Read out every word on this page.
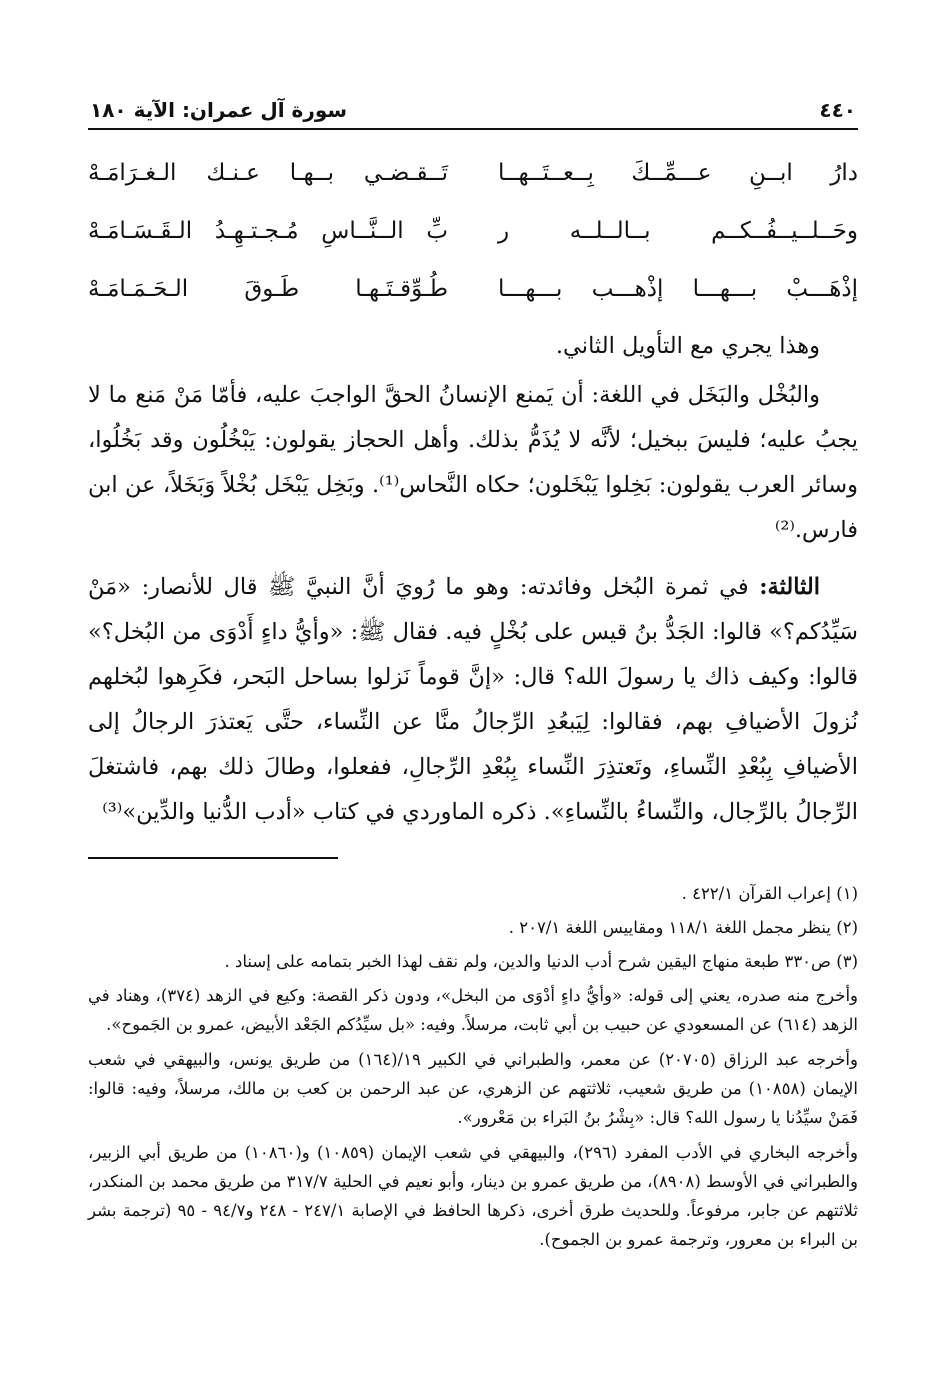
٤٤٠
سورة آل عمران: الآية ١٨٠
دارُ ابــنِ عـــمِّــكَ بِــعــتَــهــا
تَــقـضـي بــهـا عـنـك الـغـرَامَـهْ
وحَــلــيــفُــكــم بــالــلــه ر
بِّ الــنَّــاسِ مُـجـتـهِـدُ الـقَـسَـامَـهْ
إذْهَـــبْ بـــهـــا إذْهـــب بـــهـــا
طُـوِّقـتَـهـا طَـوقَ الـحَـمَـامَـهْ

وهذا يجري مع التأويل الثاني.

والبُخْل والبَخَل في اللغة: أن يَمنع الإنسانُ الحقَّ الواجبَ عليه، فأمّا مَنْ مَنع ما لا يجبُ عليه؛ فليسَ ببخيل؛ لأنَّه لا يُذَمُّ بذلك. وأهل الحجاز يقولون: يَبْخُلُون وقد بَخُلُوا، وسائر العرب يقولون: بَخِلوا يَبْخَلون؛ حكاه النَّحاس⁽¹⁾. وبَخِل يَبْخَل بُخْلاً وَبَخَلاً، عن ابن فارس.⁽²⁾

الثالثة: في ثمرة البُخل وفائدته: وهو ما رُويَ أنَّ النبيَّ ﷺ قال للأنصار: «مَنْ سَيِّدُكم؟» قالوا: الجَدُّ بنُ قيس على بُخْلٍ فيه. فقال ﷺ: «وأيُّ داءٍ أَدْوَى من البُخل؟» قالوا: وكيف ذاك يا رسولَ الله؟ قال: «إنَّ قوماً نَزلوا بساحل البَحر، فكَرِهوا لبُخلهم نُزولَ الأضيافِ بهم، فقالوا: لِيَبعُدِ الرِّجالُ منَّا عن النِّساء، حتَّى يَعتذرَ الرجالُ إلى الأضيافِ بِبُعْدِ النِّساءِ، وتَعتذِرَ النِّساء بِبُعْدِ الرِّجالِ، ففعلوا، وطالَ ذلك بهم، فاشتغلَ الرِّجالُ بالرِّجال، والنِّساءُ بالنِّساءِ». ذكره الماوردي في كتاب «أدب الدُّنيا والدِّين»⁽³⁾

(١) إعراب القرآن ٤٢٢/١ .

(٢) ينظر مجمل اللغة ١١٨/١ ومقاييس اللغة ٢٠٧/١ .

(٣) ص٣٣٠ طبعة منهاج اليقين شرح أدب الدنيا والدين، ولم نقف لهذا الخبر بتمامه على إسناد .

وأخرج منه صدره، يعني إلى قوله: «وأيُّ داءٍ أدْوَى من البخل»، ودون ذكر القصة: وكيع في الزهد (٣٧٤)، وهناد في الزهد (٦١٤) عن المسعودي عن حبيب بن أبي ثابت، مرسلاً. وفيه: «بل سيِّدُكم الجَعْد الأبيض، عمرو بن الجَموح».

وأخرجه عبد الرزاق (٢٠٧٠٥) عن معمر، والطبراني في الكبير ١٩/(١٦٤) من طريق يونس، والبيهقي في شعب الإيمان (١٠٨٥٨) من طريق شعيب، ثلاثتهم عن الزهري، عن عبد الرحمن بن كعب بن مالك، مرسلاً، وفيه: قالوا: فَمَنْ سيِّدُنا يا رسول الله؟ قال: «بِشْرُ بنُ البَراء بن مَعْرور».

وأخرجه البخاري في الأدب المفرد (٢٩٦)، والبيهقي في شعب الإيمان (١٠٨٥٩) و(١٠٨٦٠) من طريق أبي الزبير، والطبراني في الأوسط (٨٩٠٨)، من طريق عمرو بن دينار، وأبو نعيم في الحلية ٣١٧/٧ من طريق محمد بن المنكدر، ثلاثتهم عن جابر، مرفوعاً. وللحديث طرق أخرى، ذكرها الحافظ في الإصابة ٢٤٧/١ - ٢٤٨ و٩٤/٧ - ٩٥ (ترجمة بشر بن البراء بن معرور، وترجمة عمرو بن الجموح).
